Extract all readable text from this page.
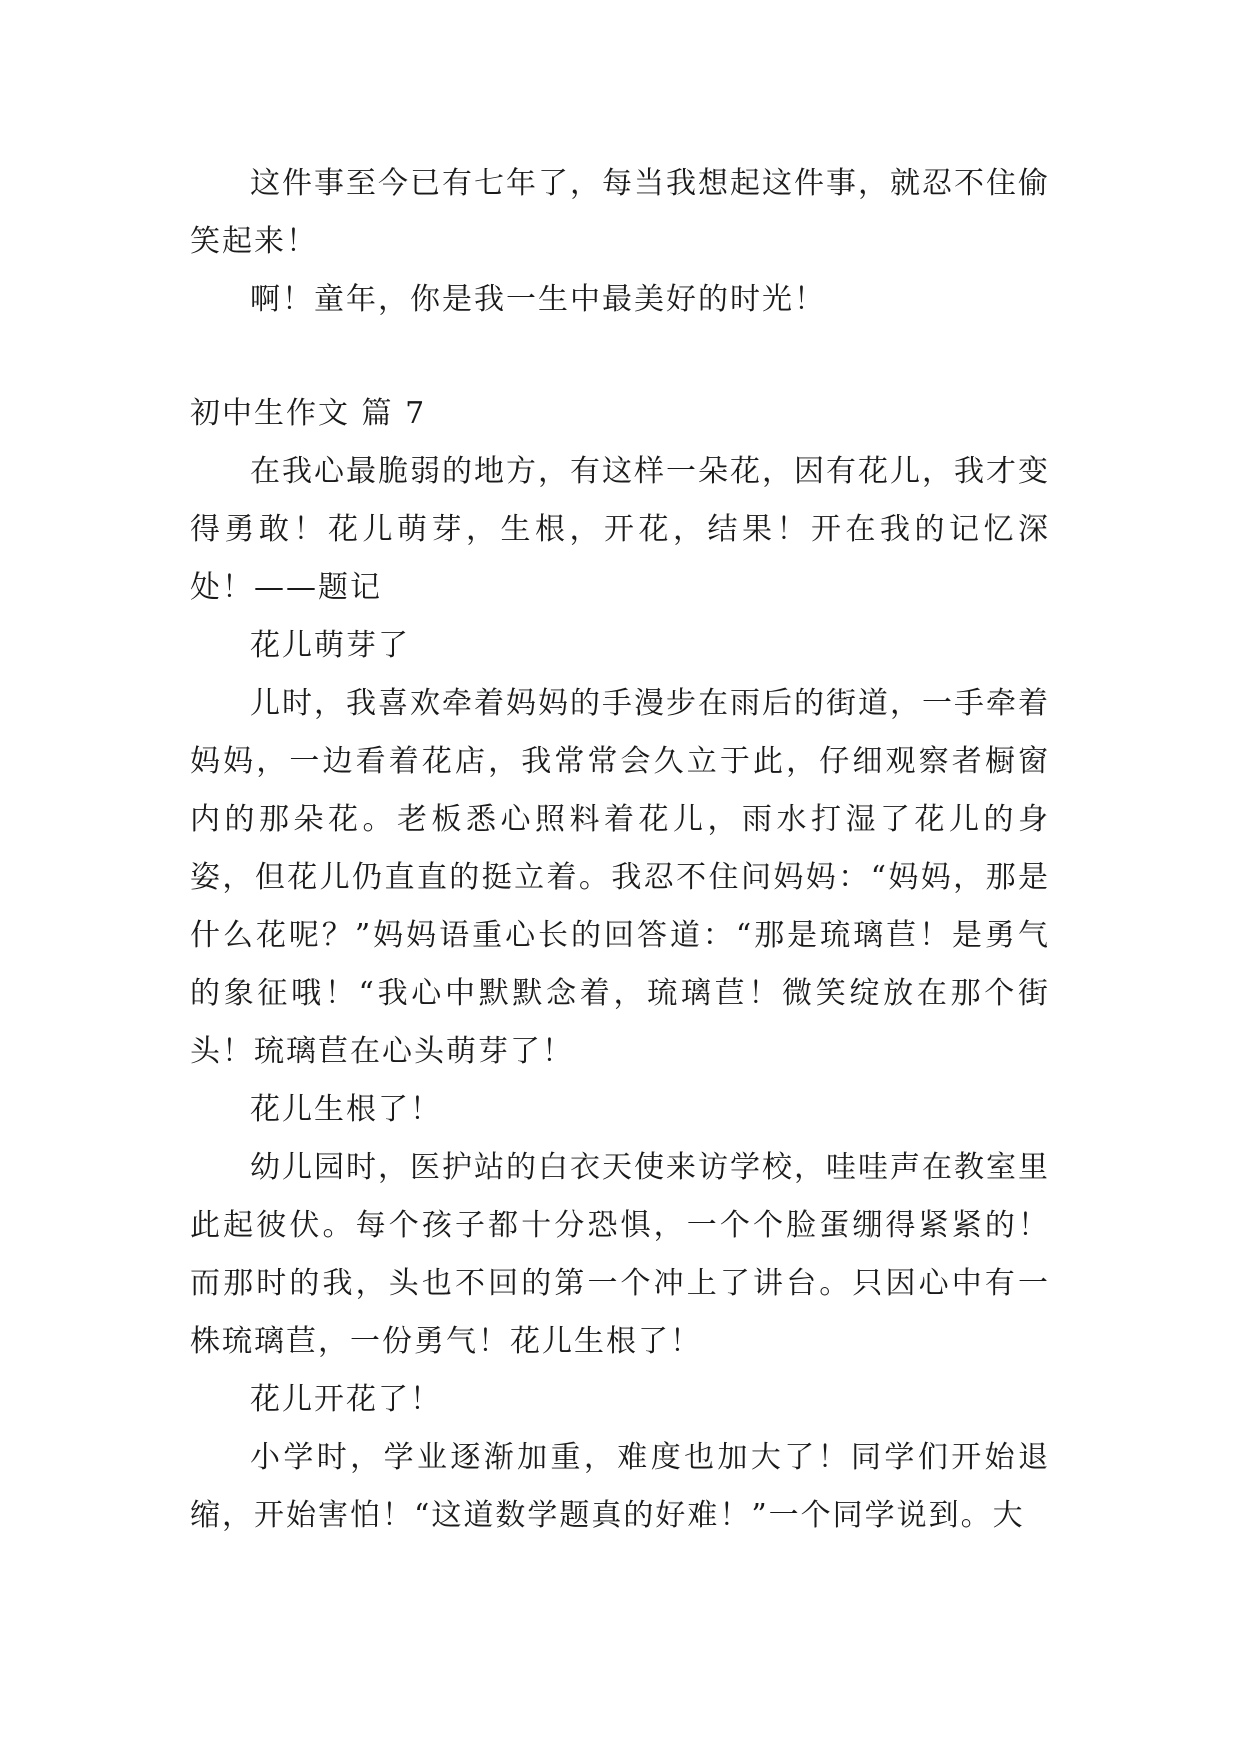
这件事至今已有七年了，每当我想起这件事，就忍不住偷笑起来！

啊！童年，你是我一生中最美好的时光！

初中生作文 篇 7

在我心最脆弱的地方，有这样一朵花，因有花儿，我才变得勇敢！花儿萌芽，生根，开花，结果！开在我的记忆深处！——题记

花儿萌芽了

儿时，我喜欢牵着妈妈的手漫步在雨后的街道，一手牵着妈妈，一边看着花店，我常常会久立于此，仔细观察者橱窗内的那朵花。老板悉心照料着花儿，雨水打湿了花儿的身姿，但花儿仍直直的挺立着。我忍不住问妈妈：“妈妈，那是什么花呢？”妈妈语重心长的回答道：“那是琉璃苣！是勇气的象征哦！“我心中默默念着，琉璃苣！微笑绽放在那个街头！琉璃苣在心头萌芽了！

花儿生根了！

幼儿园时，医护站的白衣天使来访学校，哇哇声在教室里此起彼伏。每个孩子都十分恐惧，一个个脸蛋绷得紧紧的！而那时的我，头也不回的第一个冲上了讲台。只因心中有一株琉璃苣，一份勇气！花儿生根了！

花儿开花了！

小学时，学业逐渐加重，难度也加大了！同学们开始退缩，开始害怕！“这道数学题真的好难！”一个同学说到。大
